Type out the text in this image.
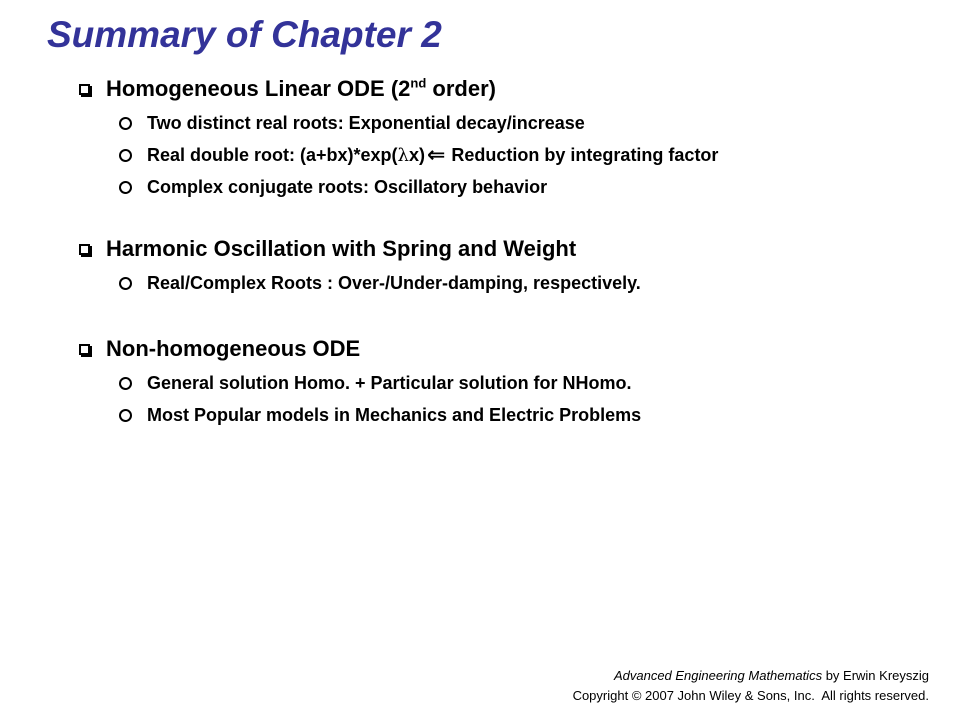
Summary of Chapter 2
Homogeneous Linear ODE (2nd order)
Two distinct real roots: Exponential decay/increase
Real double root: (a+bx)*exp( λ x) ⇐ Reduction by integrating factor
Complex conjugate roots: Oscillatory behavior
Harmonic Oscillation with Spring and Weight
Real/Complex Roots : Over-/Under-damping, respectively.
Non-homogeneous ODE
General solution Homo. + Particular solution for NHomo.
Most Popular models in Mechanics and Electric Problems
Advanced Engineering Mathematics by Erwin Kreyszig
Copyright © 2007 John Wiley & Sons, Inc.  All rights reserved.
